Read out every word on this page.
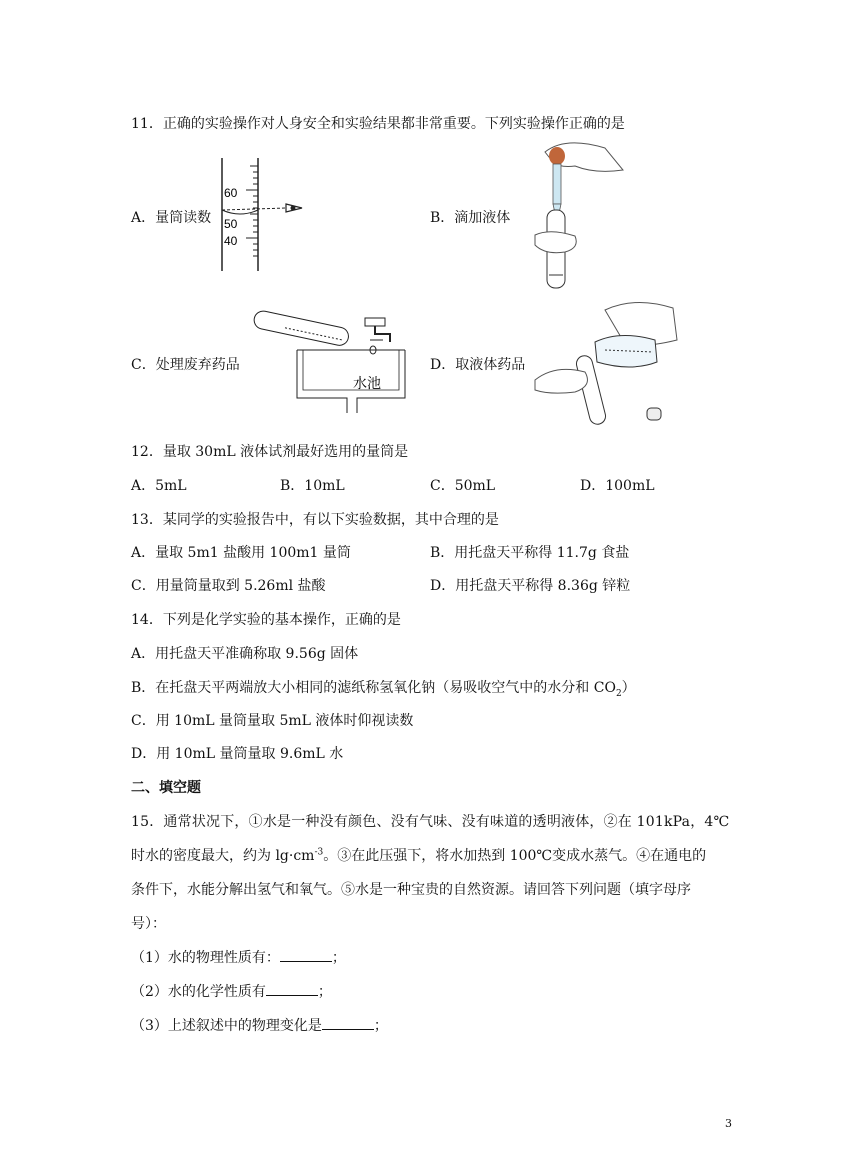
11．正确的实验操作对人身安全和实验结果都非常重要。下列实验操作正确的是
A．量筒读数	B．滴加液体
C．处理废弃药品	D．取液体药品
60
50
40
水池
12．量取 30mL 液体试剂最好选用的量筒是
A．5mL	B．10mL	C．50mL	D．100mL
13．某同学的实验报告中，有以下实验数据，其中合理的是
A．量取 5m1 盐酸用 100m1 量筒	B．用托盘天平称得 11.7g 食盐
C．用量筒量取到 5.26ml 盐酸	D．用托盘天平称得 8.36g 锌粒
14．下列是化学实验的基本操作，正确的是
A．用托盘天平准确称取 9.56g 固体
B．在托盘天平两端放大小相同的滤纸称氢氧化钠（易吸收空气中的水分和 $CO_2$）
C．用 10mL 量筒量取 5mL 液体时仰视读数
D．用 10mL 量筒量取 9.6mL 水
二、填空题
15．通常状况下，①水是一种没有颜色、没有气味、没有味道的透明液体，②在 101kPa，4℃
时水的密度最大，约为 $\lg\cdot cm^{-3}$。③在此压强下，将水加热到 100℃变成水蒸气。④在通电的
条件下，水能分解出氢气和氧气。⑤水是一种宝贵的自然资源。请回答下列问题（填字母序
号）：
（1）水的物理性质有：	；
（2）水的化学性质有	；
（3）上述叙述中的物理变化是	；
3
